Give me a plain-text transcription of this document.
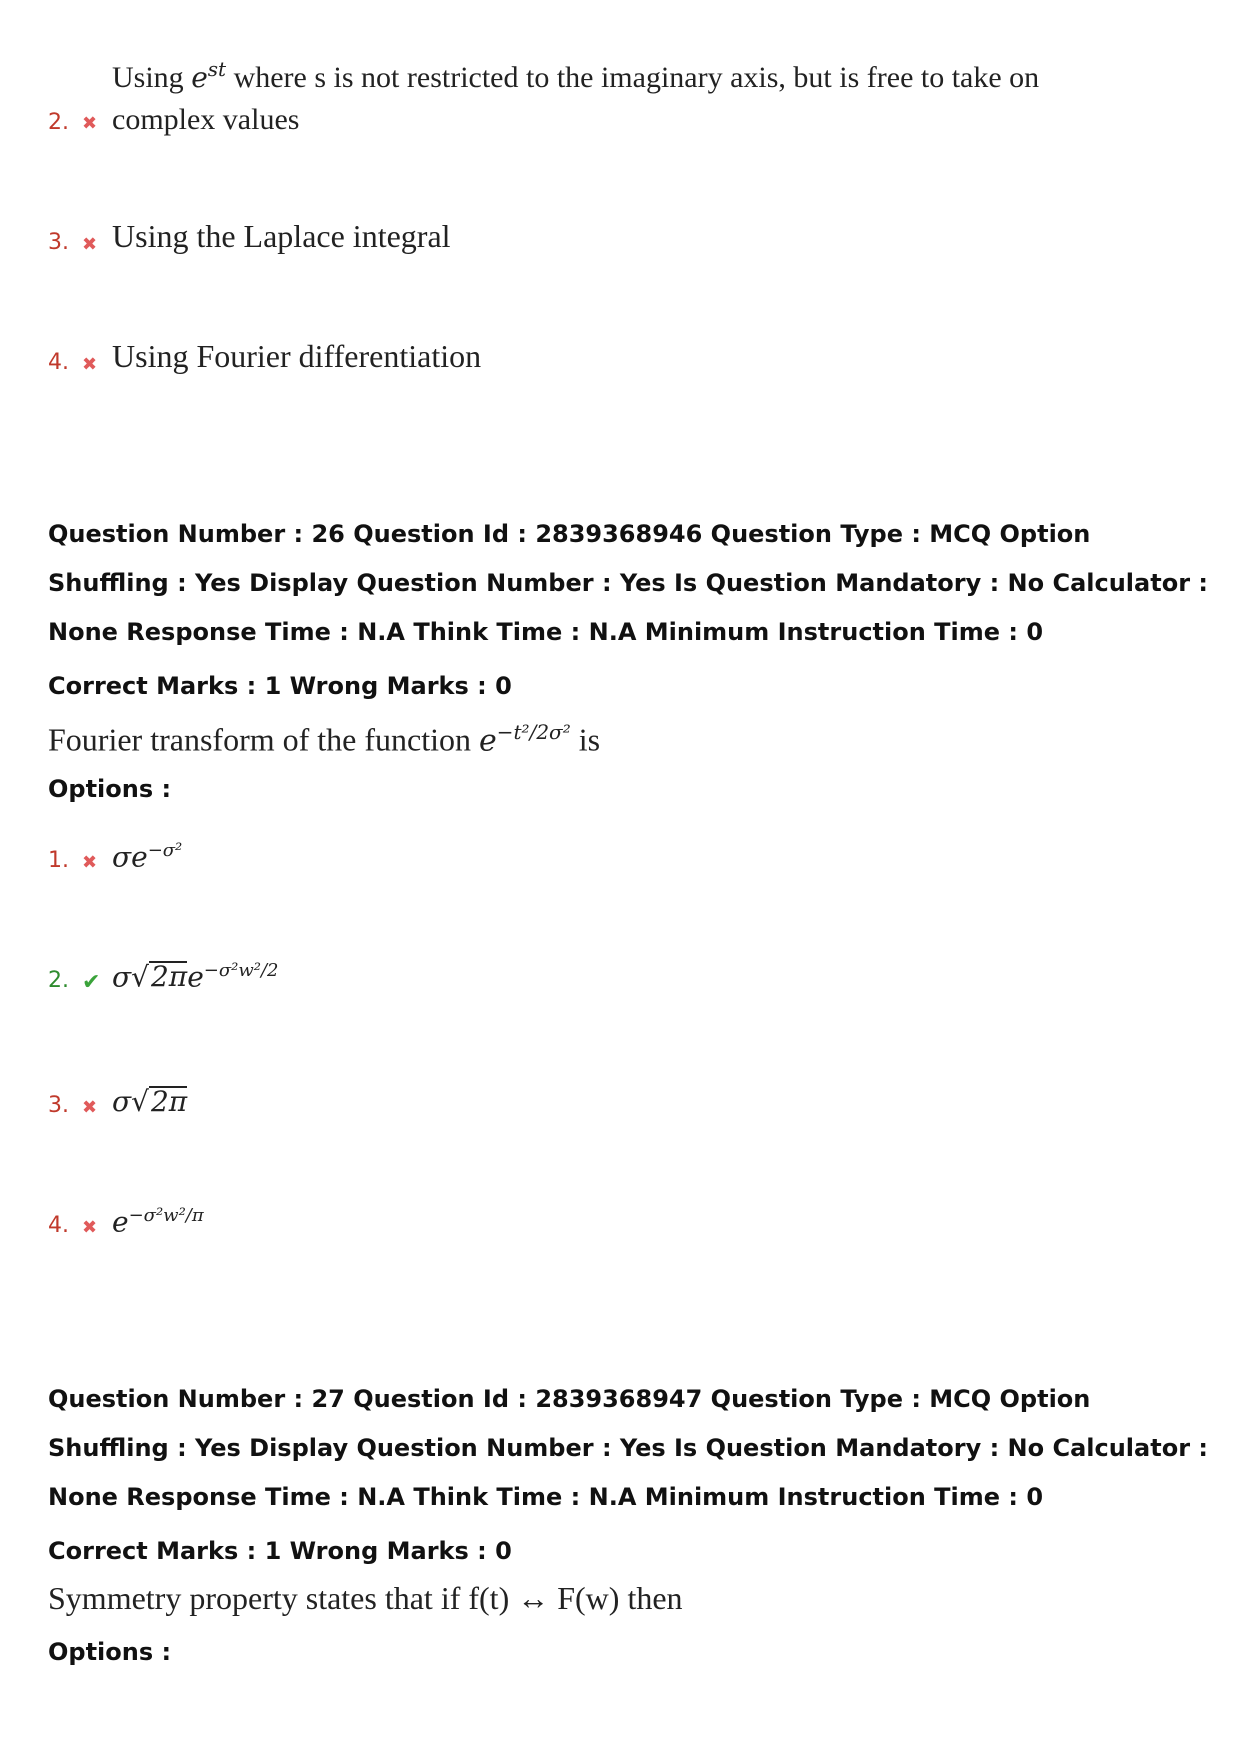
2. ✖
Using $e^{st}$ where s is not restricted to the imaginary axis, but is free to take on
complex values
3. ✖ Using the Laplace integral
4. ✖ Using Fourier differentiation
Question Number : 26 Question Id : 2839368946 Question Type : MCQ Option Shuffling : Yes Display Question Number : Yes Is Question Mandatory : No Calculator : None Response Time : N.A Think Time : N.A Minimum Instruction Time : 0
Correct Marks : 1 Wrong Marks : 0
Fourier transform of the function $e^{-t^2/2\sigma^2}$ is
Options :
1. ✖ $\sigma e^{-\sigma^2}$
2. ✔ $\sigma√2\pi e^{-\sigma^2w^2/2}$
3. ✖ σ√2π
4. ✖ $e^{-\sigma^2w^2/\pi}$
Question Number : 27 Question Id : 2839368947 Question Type : MCQ Option Shuffling : Yes Display Question Number : Yes Is Question Mandatory : No Calculator : None Response Time : N.A Think Time : N.A Minimum Instruction Time : 0
Correct Marks : 1 Wrong Marks : 0
Symmetry property states that if f(t) ↔ F(w) then
Options :
